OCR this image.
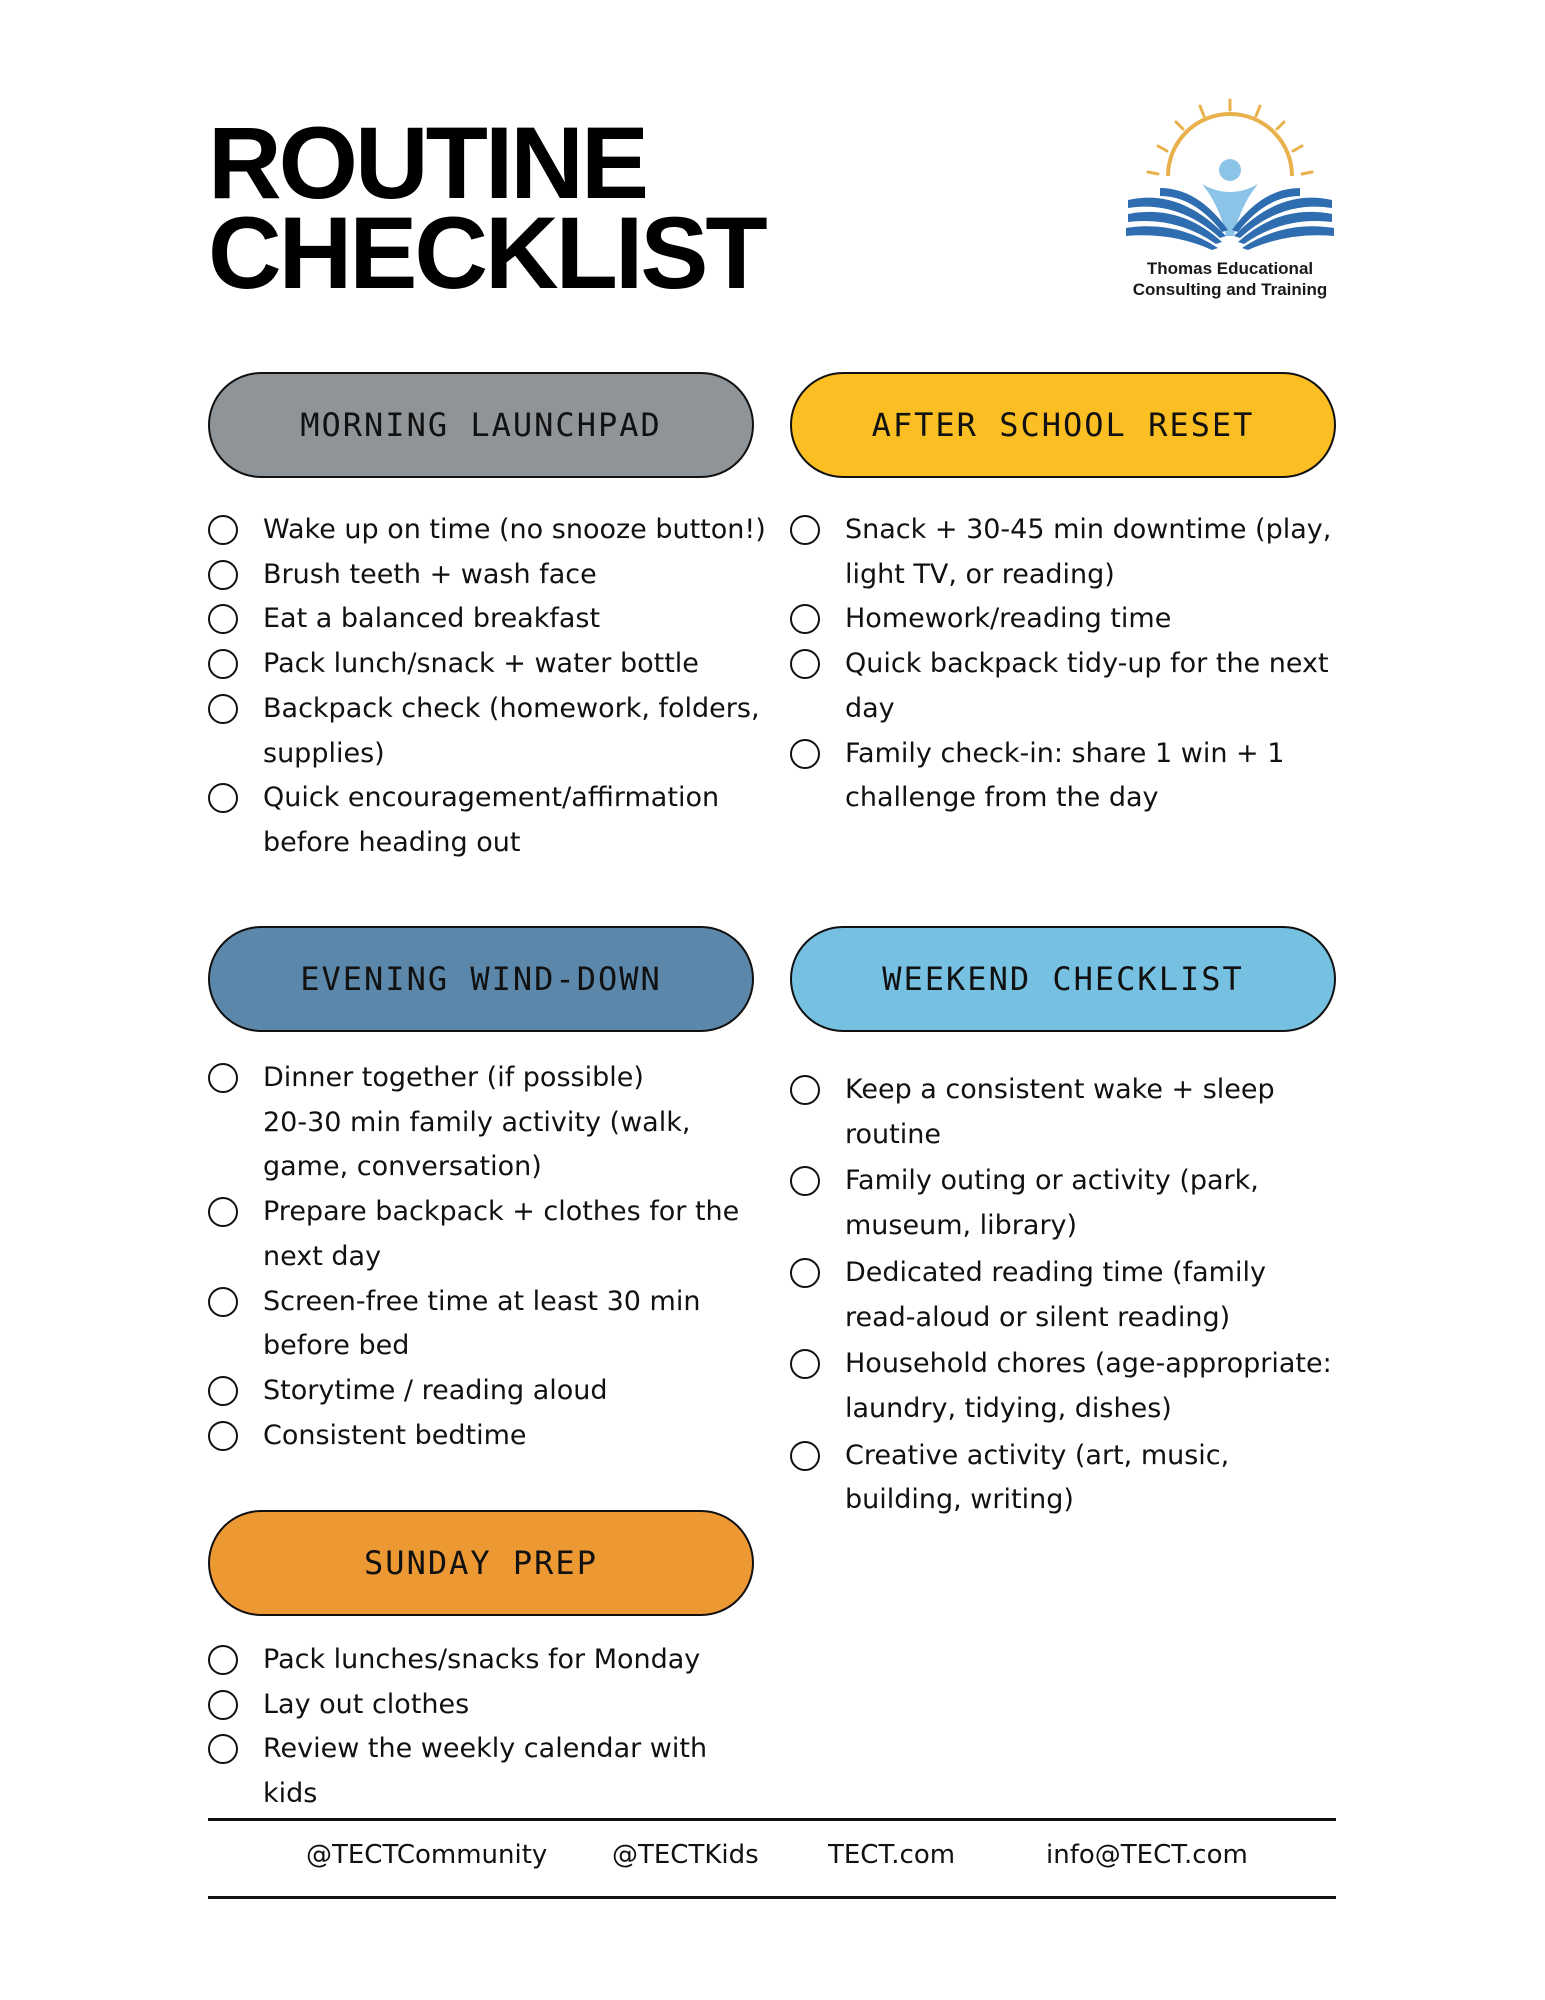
ROUTINE
CHECKLIST	Thomas Educational
Consulting and Training
MORNING LAUNCHPAD
Wake up on time (no snooze button!)
Brush teeth + wash face
Eat a balanced breakfast
Pack lunch/snack + water bottle
Backpack check (homework, folders, supplies)
Quick encouragement/affirmation before heading out
AFTER SCHOOL RESET
Snack + 30-45 min downtime (play, light TV, or reading)
Homework/reading time
Quick backpack tidy-up for the next day
Family check-in: share 1 win + 1 challenge from the day
EVENING WIND-DOWN
Dinner together (if possible)
20-30 min family activity (walk, game, conversation)
Prepare backpack + clothes for the next day
Screen-free time at least 30 min before bed
Storytime / reading aloud
Consistent bedtime
WEEKEND CHECKLIST
Keep a consistent wake + sleep routine
Family outing or activity (park, museum, library)
Dedicated reading time (family read-aloud or silent reading)
Household chores (age-appropriate: laundry, tidying, dishes)
Creative activity (art, music, building, writing)
SUNDAY PREP
Pack lunches/snacks for Monday
Lay out clothes
Review the weekly calendar with kids
@TECTCommunity @TECTKids	TECT.com	info@TECT.com
